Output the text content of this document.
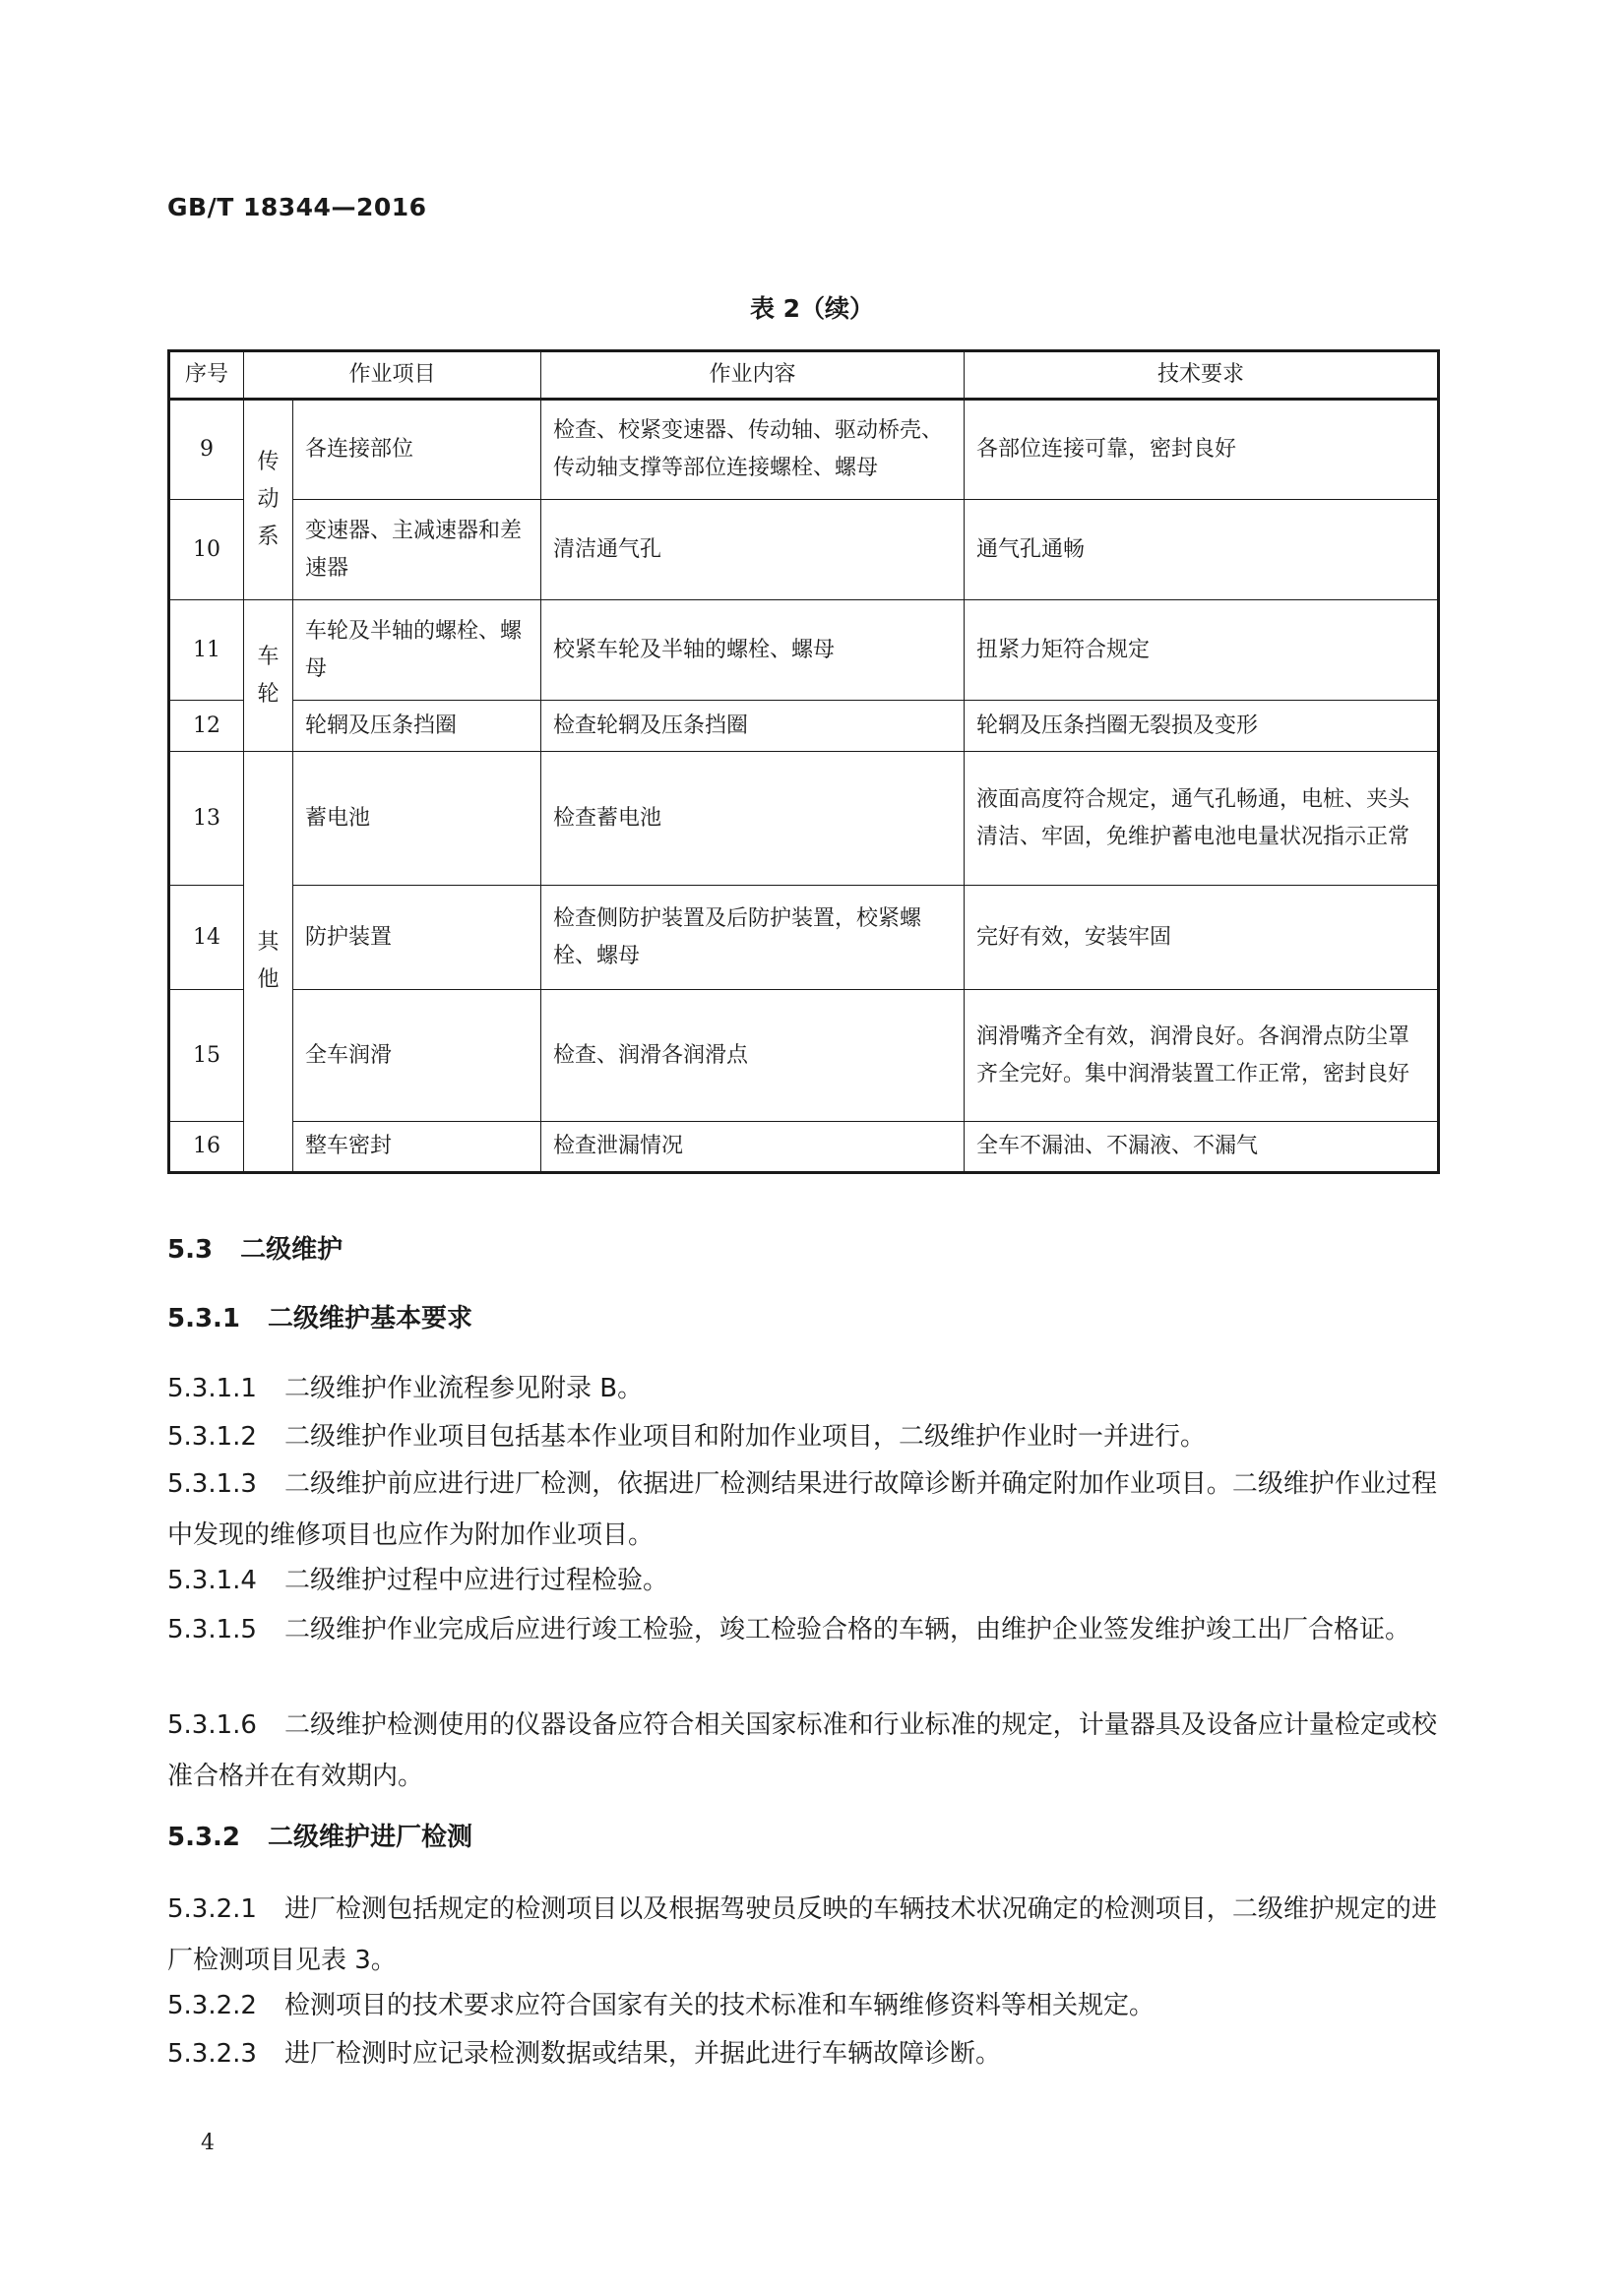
GB/T 18344—2016
表 2（续）
序号	作业项目		作业内容	技术要求
9	传动系	各连接部位	检查、校紧变速器、传动轴、驱动桥壳、传动轴支撑等部位连接螺栓、螺母	各部位连接可靠，密封良好
10		变速器、主减速器和差速器	清洁通气孔	通气孔通畅
11	车轮	车轮及半轴的螺栓、螺母	校紧车轮及半轴的螺栓、螺母	扭紧力矩符合规定
12		轮辋及压条挡圈	检查轮辋及压条挡圈	轮辋及压条挡圈无裂损及变形
13	其他	蓄电池	检查蓄电池	液面高度符合规定，通气孔畅通，电桩、夹头清洁、牢固，免维护蓄电池电量状况指示正常
14		防护装置	检查侧防护装置及后防护装置，校紧螺栓、螺母	完好有效，安装牢固
15		全车润滑	检查、润滑各润滑点	润滑嘴齐全有效，润滑良好。各润滑点防尘罩齐全完好。集中润滑装置工作正常，密封良好
16		整车密封	检查泄漏情况	全车不漏油、不漏液、不漏气
5.3 二级维护
5.3.1 二级维护基本要求
5.3.1.1 二级维护作业流程参见附录 B。
5.3.1.2 二级维护作业项目包括基本作业项目和附加作业项目，二级维护作业时一并进行。
5.3.1.3 二级维护前应进行进厂检测，依据进厂检测结果进行故障诊断并确定附加作业项目。二级维护作业过程中发现的维修项目也应作为附加作业项目。
5.3.1.4 二级维护过程中应进行过程检验。
5.3.1.5 二级维护作业完成后应进行竣工检验，竣工检验合格的车辆，由维护企业签发维护竣工出厂合格证。
5.3.1.6 二级维护检测使用的仪器设备应符合相关国家标准和行业标准的规定，计量器具及设备应计量检定或校准合格并在有效期内。
5.3.2 二级维护进厂检测
5.3.2.1 进厂检测包括规定的检测项目以及根据驾驶员反映的车辆技术状况确定的检测项目，二级维护规定的进厂检测项目见表 3。
5.3.2.2 检测项目的技术要求应符合国家有关的技术标准和车辆维修资料等相关规定。
5.3.2.3 进厂检测时应记录检测数据或结果，并据此进行车辆故障诊断。
4
